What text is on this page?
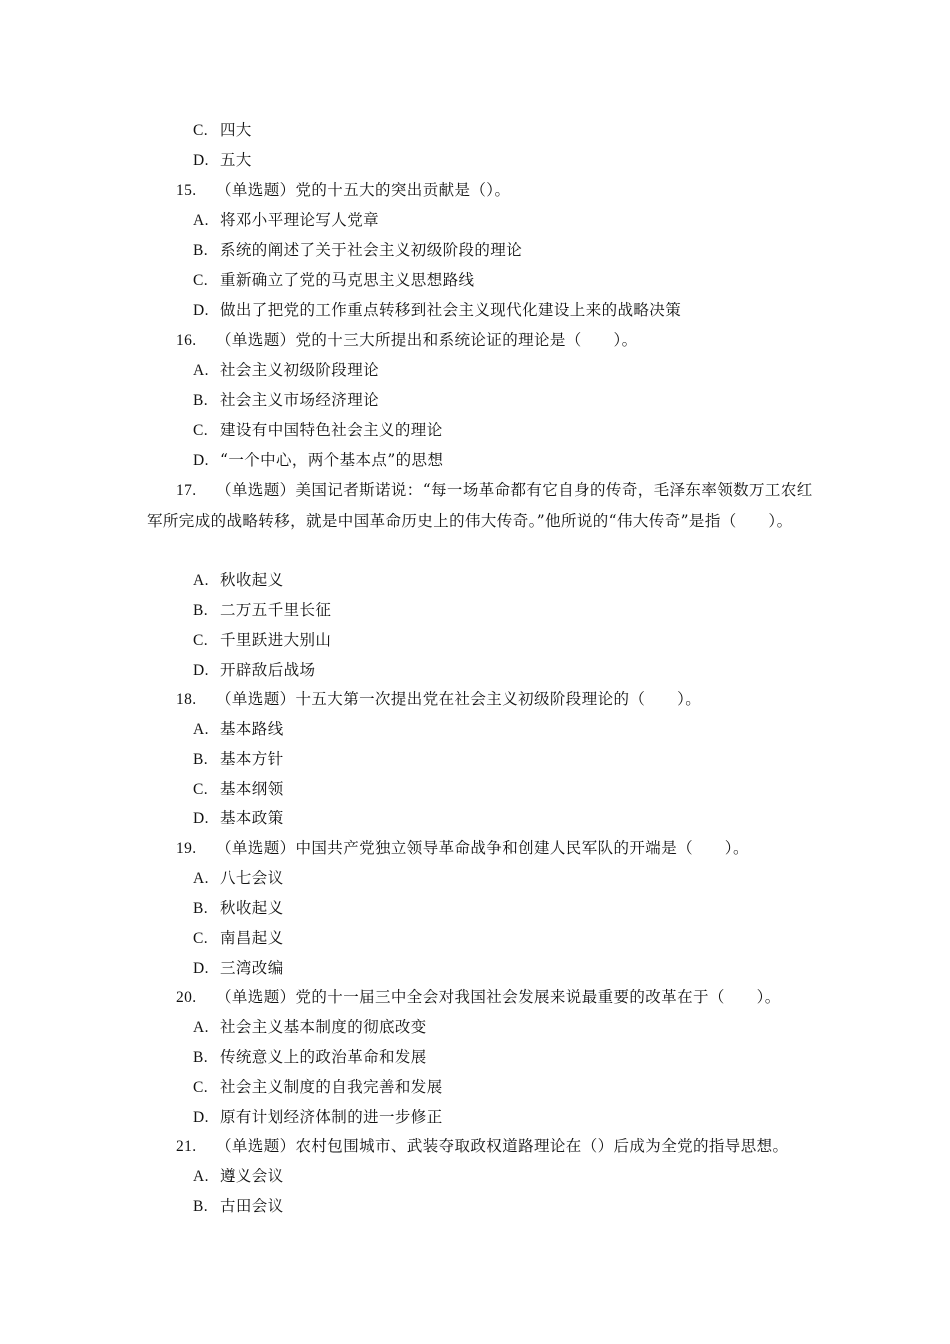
C. 四大
D. 五大
15. （单选题）党的十五大的突出贡献是（）。
A. 将邓小平理论写人党章
B. 系统的阐述了关于社会主义初级阶段的理论
C. 重新确立了党的马克思主义思想路线
D. 做出了把党的工作重点转移到社会主义现代化建设上来的战略决策
16. （单选题）党的十三大所提出和系统论证的理论是（　　）。
A. 社会主义初级阶段理论
B. 社会主义市场经济理论
C. 建设有中国特色社会主义的理论
D. “一个中心，两个基本点”的思想
17. （单选题）美国记者斯诺说：“每一场革命都有它自身的传奇，毛泽东率领数万工农红军所完成的战略转移，就是中国革命历史上的伟大传奇。”他所说的“伟大传奇”是指（　　）。
A. 秋收起义
B. 二万五千里长征
C. 千里跃进大别山
D. 开辟敌后战场
18. （单选题）十五大第一次提出党在社会主义初级阶段理论的（　　）。
A. 基本路线
B. 基本方针
C. 基本纲领
D. 基本政策
19. （单选题）中国共产党独立领导革命战争和创建人民军队的开端是（　　）。
A. 八七会议
B. 秋收起义
C. 南昌起义
D. 三湾改编
20. （单选题）党的十一届三中全会对我国社会发展来说最重要的改革在于（　　）。
A. 社会主义基本制度的彻底改变
B. 传统意义上的政治革命和发展
C. 社会主义制度的自我完善和发展
D. 原有计划经济体制的进一步修正
21. （单选题）农村包围城市、武装夺取政权道路理论在（）后成为全党的指导思想。
A. 遵义会议
B. 古田会议
